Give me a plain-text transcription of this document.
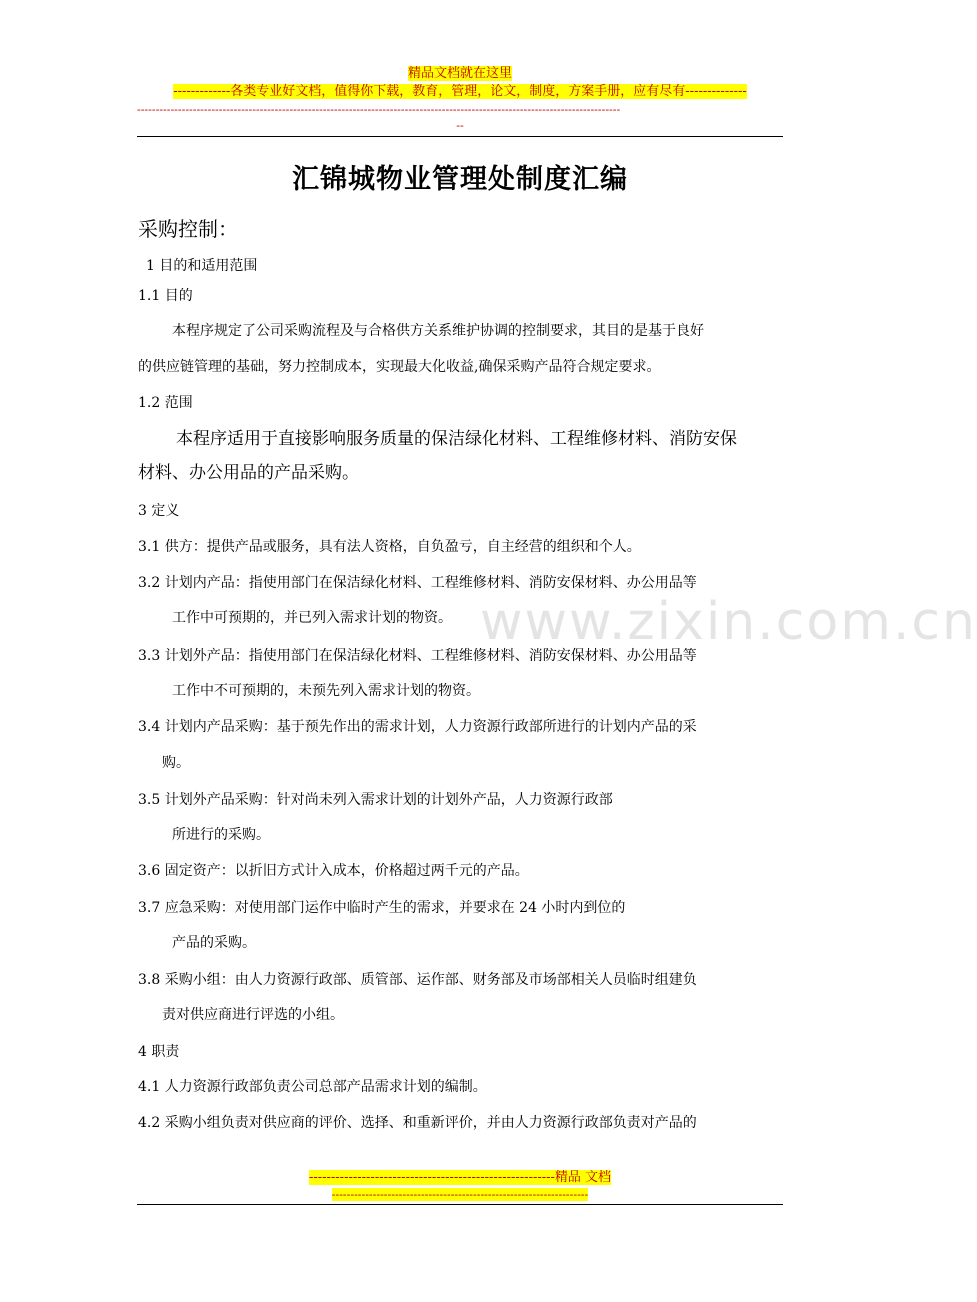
精品文档就在这里
-------------各类专业好文档，值得你下载，教育，管理，论文，制度，方案手册，应有尽有--------------
----------------------------------------------------------------------------------------------------------------------------------
--
www.zixin.com.cn
汇锦城物业管理处制度汇编
采购控制：
1 目的和适用范围
1.1 目的
本程序规定了公司采购流程及与合格供方关系维护协调的控制要求，其目的是基于良好
的供应链管理的基础，努力控制成本，实现最大化收益,确保采购产品符合规定要求。
1.2 范围
本程序适用于直接影响服务质量的保洁绿化材料、工程维修材料、消防安保
材料、办公用品的产品采购。
3 定义
3.1 供方：提供产品或服务，具有法人资格，自负盈亏，自主经营的组织和个人。
3.2 计划内产品：指使用部门在保洁绿化材料、工程维修材料、消防安保材料、办公用品等
工作中可预期的，并已列入需求计划的物资。
3.3 计划外产品：指使用部门在保洁绿化材料、工程维修材料、消防安保材料、办公用品等
工作中不可预期的，未预先列入需求计划的物资。
3.4 计划内产品采购：基于预先作出的需求计划，人力资源行政部所进行的计划内产品的采
购。
3.5 计划外产品采购：针对尚未列入需求计划的计划外产品，人力资源行政部
所进行的采购。
3.6 固定资产：以折旧方式计入成本，价格超过两千元的产品。
3.7 应急采购：对使用部门运作中临时产生的需求，并要求在 24 小时内到位的
产品的采购。
3.8 采购小组：由人力资源行政部、质管部、运作部、财务部及市场部相关人员临时组建负
责对供应商进行评选的小组。
4 职责
4.1 人力资源行政部负责公司总部产品需求计划的编制。
4.2 采购小组负责对供应商的评价、选择、和重新评价，并由人力资源行政部负责对产品的
--------------------------------------------------------精品 文档
---------------------------------------------------------------------
